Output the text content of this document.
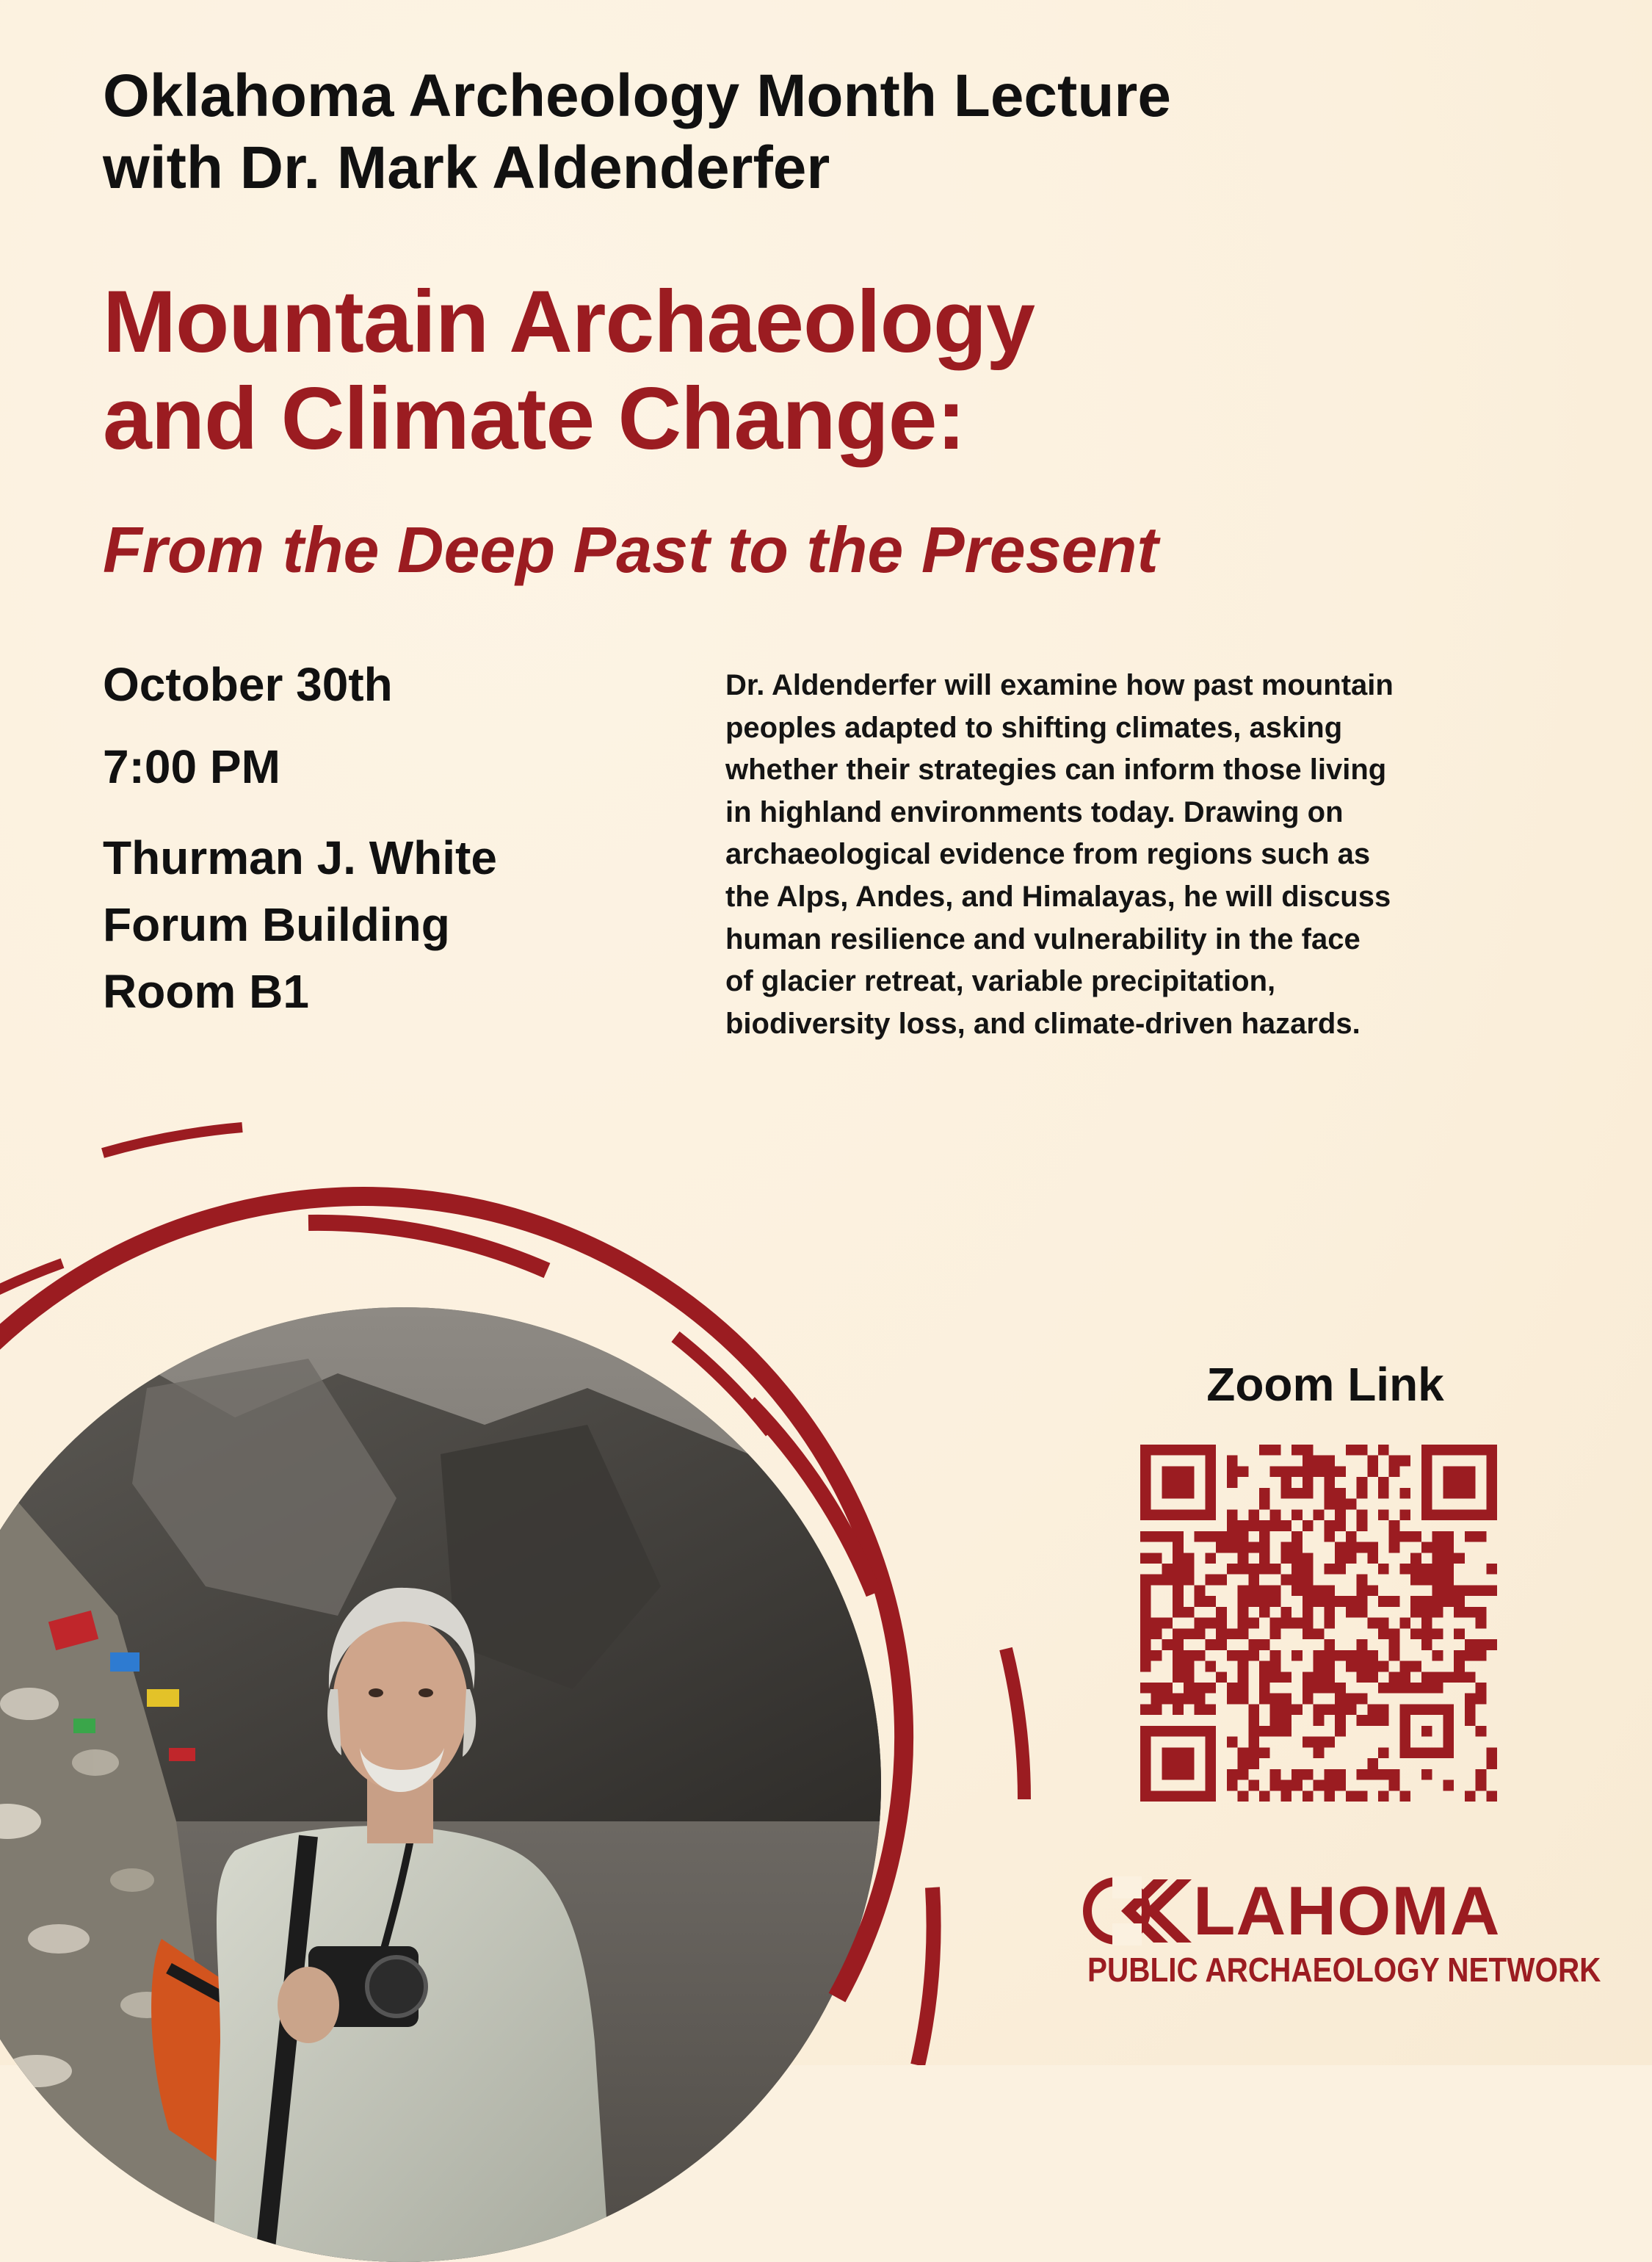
Oklahoma Archeology Month Lecture
with Dr. Mark Aldenderfer
Mountain Archaeology
and Climate Change:
From the Deep Past to the Present
October 30th
7:00 PM
Thurman J. White
Forum Building
Room B1
Dr. Aldenderfer will examine how past mountain
peoples adapted to shifting climates, asking
whether their strategies can inform those living
in highland environments today. Drawing on
archaeological evidence from regions such as
the Alps, Andes, and Himalayas, he will discuss
human resilience and vulnerability in the face
of glacier retreat, variable precipitation,
biodiversity loss, and climate-driven hazards.
Zoom Link
LAHOMA
PUBLIC ARCHAEOLOGY NETWORK
